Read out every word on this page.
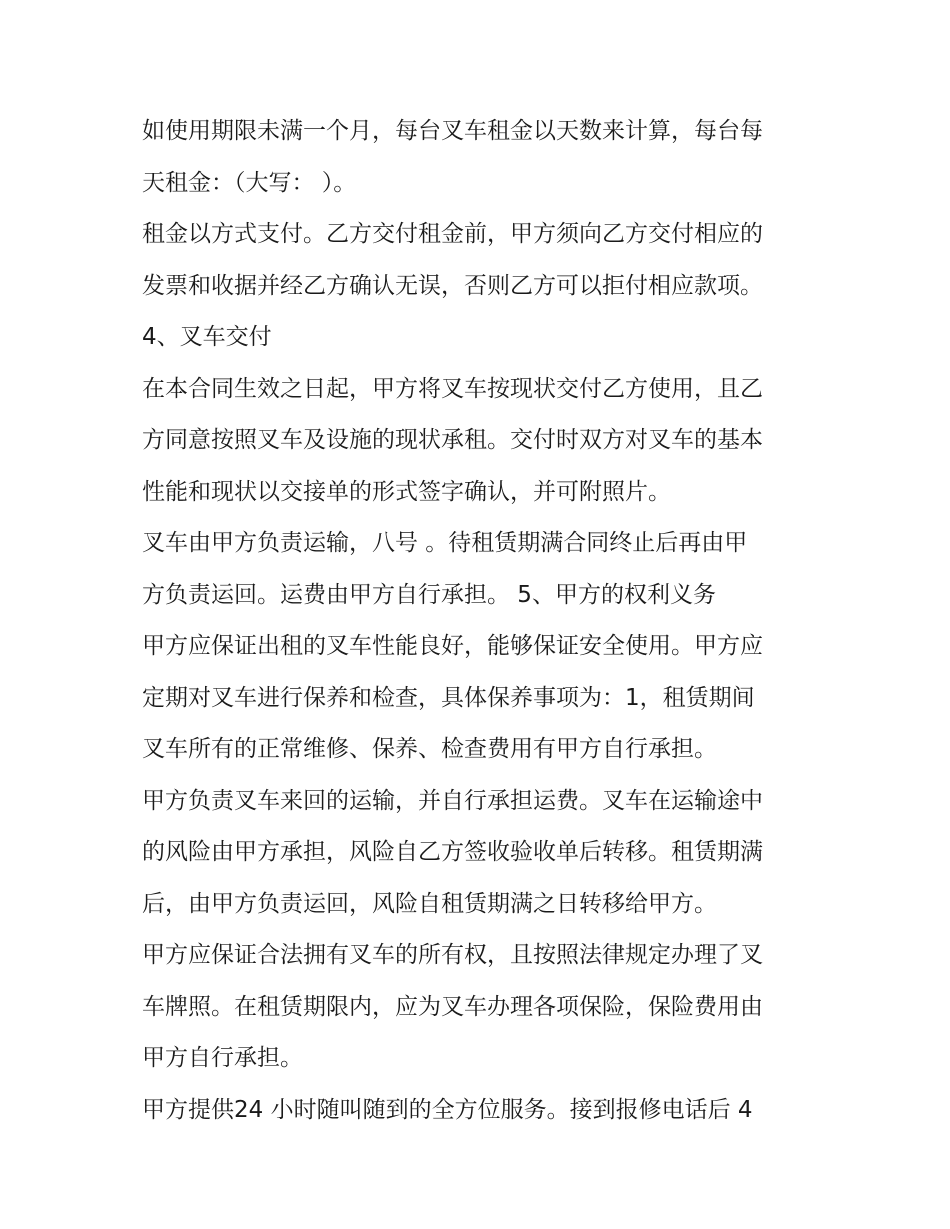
如使用期限未满一个月，每台叉车租金以天数来计算，每台每
天租金：（大写： ）。
租金以方式支付。乙方交付租金前，甲方须向乙方交付相应的
发票和收据并经乙方确认无误，否则乙方可以拒付相应款项。
4、叉车交付
在本合同生效之日起，甲方将叉车按现状交付乙方使用，且乙
方同意按照叉车及设施的现状承租。交付时双方对叉车的基本
性能和现状以交接单的形式签字确认，并可附照片。
叉车由甲方负责运输，八号 。待租赁期满合同终止后再由甲
方负责运回。运费由甲方自行承担。 5、甲方的权利义务
甲方应保证出租的叉车性能良好，能够保证安全使用。甲方应
定期对叉车进行保养和检查，具体保养事项为：1，租赁期间
叉车所有的正常维修、保养、检查费用有甲方自行承担。
甲方负责叉车来回的运输，并自行承担运费。叉车在运输途中
的风险由甲方承担，风险自乙方签收验收单后转移。租赁期满
后，由甲方负责运回，风险自租赁期满之日转移给甲方。
甲方应保证合法拥有叉车的所有权，且按照法律规定办理了叉
车牌照。在租赁期限内，应为叉车办理各项保险，保险费用由
甲方自行承担。
甲方提供24 小时随叫随到的全方位服务。接到报修电话后 4
